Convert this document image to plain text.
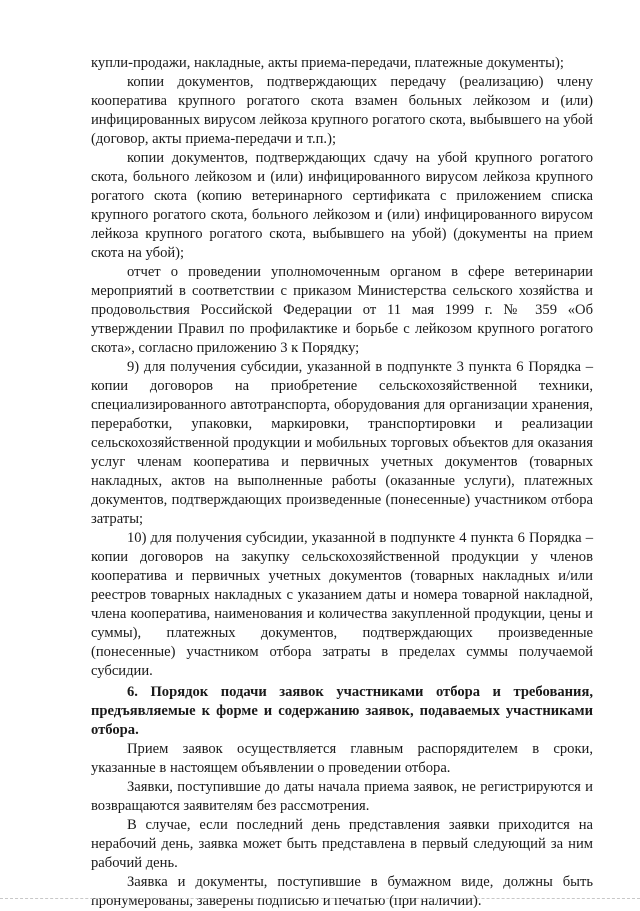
купли-продажи, накладные, акты приема-передачи, платежные документы);

копии документов, подтверждающих передачу (реализацию) члену кооператива крупного рогатого скота взамен больных лейкозом и (или) инфицированных вирусом лейкоза крупного рогатого скота, выбывшего на убой (договор, акты приема-передачи и т.п.);

копии документов, подтверждающих сдачу на убой крупного рогатого скота, больного лейкозом и (или) инфицированного вирусом лейкоза крупного рогатого скота (копию ветеринарного сертификата с приложением списка крупного рогатого скота, больного лейкозом и (или) инфицированного вирусом лейкоза крупного рогатого скота, выбывшего на убой) (документы на прием скота на убой);

отчет о проведении уполномоченным органом в сфере ветеринарии мероприятий в соответствии с приказом Министерства сельского хозяйства и продовольствия Российской Федерации от 11 мая 1999 г. № 359 «Об утверждении Правил по профилактике и борьбе с лейкозом крупного рогатого скота», согласно приложению 3 к Порядку;

9) для получения субсидии, указанной в подпункте 3 пункта 6 Порядка – копии договоров на приобретение сельскохозяйственной техники, специализированного автотранспорта, оборудования для организации хранения, переработки, упаковки, маркировки, транспортировки и реализации сельскохозяйственной продукции и мобильных торговых объектов для оказания услуг членам кооператива и первичных учетных документов (товарных накладных, актов на выполненные работы (оказанные услуги), платежных документов, подтверждающих произведенные (понесенные) участником отбора затраты;

10) для получения субсидии, указанной в подпункте 4 пункта 6 Порядка – копии договоров на закупку сельскохозяйственной продукции у членов кооператива и первичных учетных документов (товарных накладных и/или реестров товарных накладных с указанием даты и номера товарной накладной, члена кооператива, наименования и количества закупленной продукции, цены и суммы), платежных документов, подтверждающих произведенные (понесенные) участником отбора затраты в пределах суммы получаемой субсидии.

6. Порядок подачи заявок участниками отбора и требования, предъявляемые к форме и содержанию заявок, подаваемых участниками отбора.

Прием заявок осуществляется главным распорядителем в сроки, указанные в настоящем объявлении о проведении отбора.

Заявки, поступившие до даты начала приема заявок, не регистрируются и возвращаются заявителям без рассмотрения.

В случае, если последний день представления заявки приходится на нерабочий день, заявка может быть представлена в первый следующий за ним рабочий день.

Заявка и документы, поступившие в бумажном виде, должны быть пронумерованы, заверены подписью и печатью (при наличии).
